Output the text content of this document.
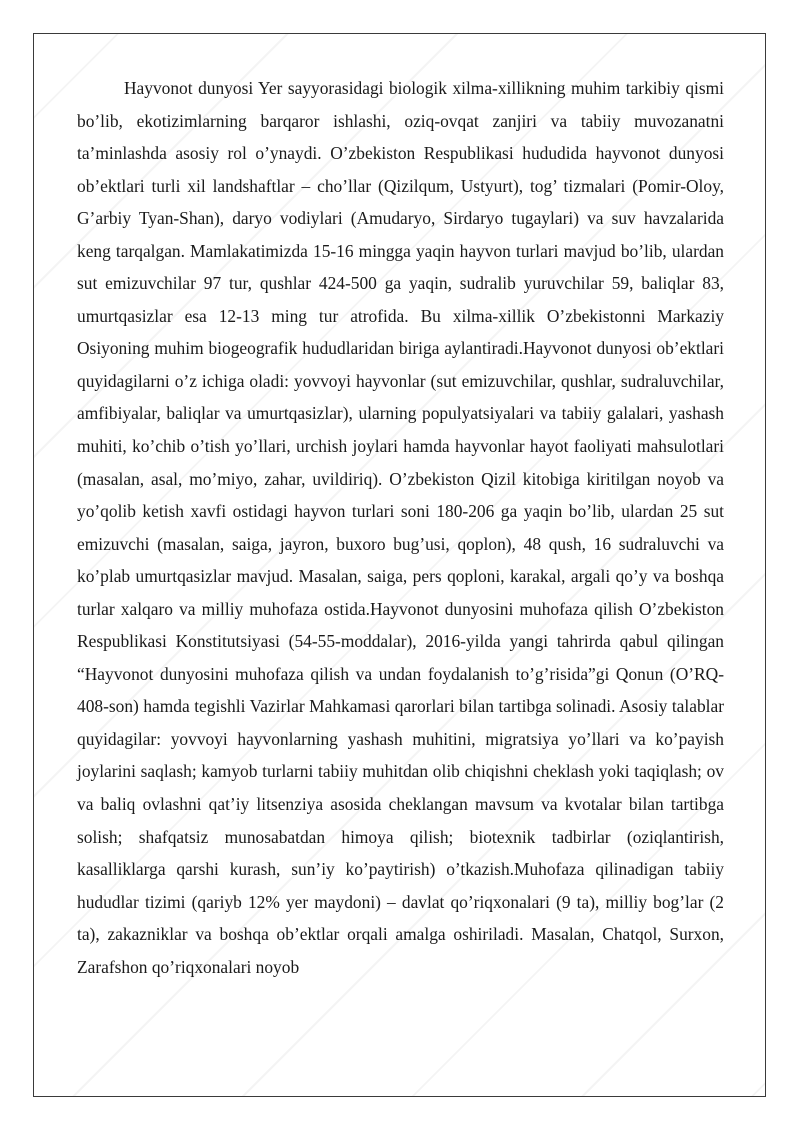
Hayvonot dunyosi Yer sayyorasidagi biologik xilma-xillikning muhim tarkibiy qismi bo’lib, ekotizimlarning barqaror ishlashi, oziq-ovqat zanjiri va tabiiy muvozanatni ta’minlashda asosiy rol o’ynaydi. O’zbekiston Respublikasi hududida hayvonot dunyosi ob’ektlari turli xil landshaftlar – cho’llar (Qizilqum, Ustyurt), tog’ tizmalari (Pomir-Oloy, G’arbiy Tyan-Shan), daryo vodiylari (Amudaryo, Sirdaryo tugaylari) va suv havzalarida keng tarqalgan. Mamlakatimizda 15-16 mingga yaqin hayvon turlari mavjud bo’lib, ulardan sut emizuvchilar 97 tur, qushlar 424-500 ga yaqin, sudralib yuruvchilar 59, baliqlar 83, umurtqasizlar esa 12-13 ming tur atrofida. Bu xilma-xillik O’zbekistonni Markaziy Osiyoning muhim biogeografik hududlaridan biriga aylantiradi.Hayvonot dunyosi ob’ektlari quyidagilarni o’z ichiga oladi: yovvoyi hayvonlar (sut emizuvchilar, qushlar, sudraluvchilar, amfibiyalar, baliqlar va umurtqasizlar), ularning populyatsiyalari va tabiiy galalari, yashash muhiti, ko’chib o’tish yo’llari, urchish joylari hamda hayvonlar hayot faoliyati mahsulotlari (masalan, asal, mo’miyo, zahar, uvildiriq). O’zbekiston Qizil kitobiga kiritilgan noyob va yo’qolib ketish xavfi ostidagi hayvon turlari soni 180-206 ga yaqin bo’lib, ulardan 25 sut emizuvchi (masalan, saiga, jayron, buxoro bug’usi, qoplon), 48 qush, 16 sudraluvchi va ko’plab umurtqasizlar mavjud. Masalan, saiga, pers qoploni, karakal, argali qo’y va boshqa turlar xalqaro va milliy muhofaza ostida.Hayvonot dunyosini muhofaza qilish O’zbekiston Respublikasi Konstitutsiyasi (54-55-moddalar), 2016-yilda yangi tahrirda qabul qilingan “Hayvonot dunyosini muhofaza qilish va undan foydalanish to’g’risida”gi Qonun (O’RQ-408-son) hamda tegishli Vazirlar Mahkamasi qarorlari bilan tartibga solinadi. Asosiy talablar quyidagilar: yovvoyi hayvonlarning yashash muhitini, migratsiya yo’llari va ko’payish joylarini saqlash; kamyob turlarni tabiiy muhitdan olib chiqishni cheklash yoki taqiqlash; ov va baliq ovlashni qat’iy litsenziya asosida cheklangan mavsum va kvotalar bilan tartibga solish; shafqatsiz munosabatdan himoya qilish; biotexnik tadbirlar (oziqlantirish, kasalliklarga qarshi kurash, sun’iy ko’paytirish) o’tkazish.Muhofaza qilinadigan tabiiy hududlar tizimi (qariyb 12% yer maydoni) – davlat qo’riqxonalari (9 ta), milliy bog’lar (2 ta), zakazniklar va boshqa ob’ektlar orqali amalga oshiriladi. Masalan, Chatqol, Surxon, Zarafshon qo’riqxonalari noyob
